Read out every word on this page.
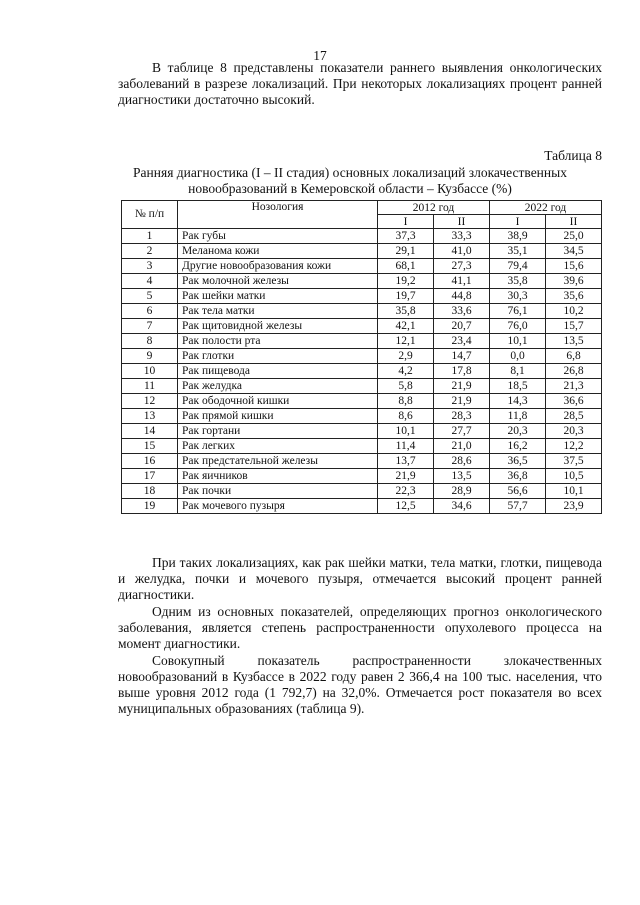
17

В таблице 8 представлены показатели раннего выявления онкологических заболеваний в разрезе локализаций. При некоторых локализациях процент ранней диагностики достаточно высокий.

Таблица 8
Ранняя диагностика (I – II стадия) основных локализаций злокачественных новообразований в Кемеровской области – Кузбассе (%)
№ п/п	Нозология	2012 год		2022 год	
		I	II	I	II
1	Рак губы	37,3	33,3	38,9	25,0
2	Меланома кожи	29,1	41,0	35,1	34,5
3	Другие новообразования кожи	68,1	27,3	79,4	15,6
4	Рак молочной железы	19,2	41,1	35,8	39,6
5	Рак шейки матки	19,7	44,8	30,3	35,6
6	Рак тела матки	35,8	33,6	76,1	10,2
7	Рак щитовидной железы	42,1	20,7	76,0	15,7
8	Рак полости рта	12,1	23,4	10,1	13,5
9	Рак глотки	2,9	14,7	0,0	6,8
10	Рак пищевода	4,2	17,8	8,1	26,8
11	Рак желудка	5,8	21,9	18,5	21,3
12	Рак ободочной кишки	8,8	21,9	14,3	36,6
13	Рак прямой кишки	8,6	28,3	11,8	28,5
14	Рак гортани	10,1	27,7	20,3	20,3
15	Рак легких	11,4	21,0	16,2	12,2
16	Рак предстательной железы	13,7	28,6	36,5	37,5
17	Рак яичников	21,9	13,5	36,8	10,5
18	Рак почки	22,3	28,9	56,6	10,1
19	Рак мочевого пузыря	12,5	34,6	57,7	23,9

При таких локализациях, как рак шейки матки, тела матки, глотки, пищевода и желудка, почки и мочевого пузыря, отмечается высокий процент ранней диагностики.

Одним из основных показателей, определяющих прогноз онкологического заболевания, является степень распространенности опухолевого процесса на момент диагностики.

Совокупный показатель распространенности злокачественных новообразований в Кузбассе в 2022 году равен 2 366,4 на 100 тыс. населения, что выше уровня 2012 года (1 792,7) на 32,0%. Отмечается рост показателя во всех муниципальных образованиях (таблица 9).
